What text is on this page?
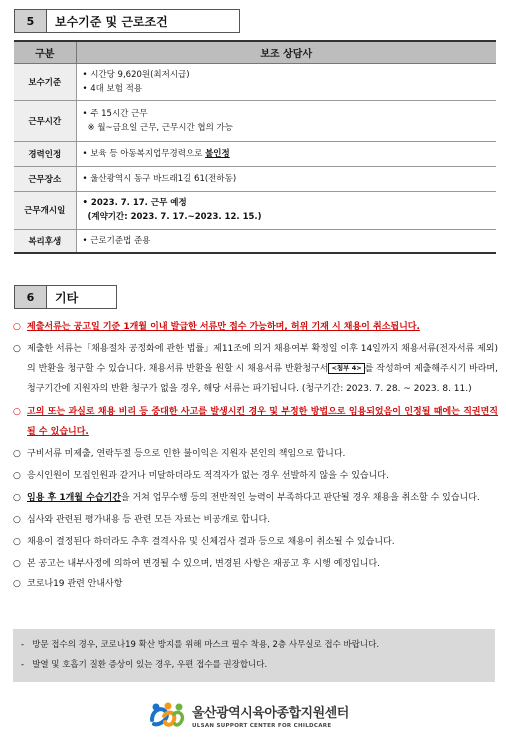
5	보수기준 및 근로조건
구분	보조 상담사
보수기준	• 시간당 9,620원(최저시급)
• 4대 보험 적용

근무시간	• 주 15시간 근무
※ 월~금요일 근무, 근무시간 협의 가능

경력인정	• 보육 등 아동복지업무경력으로 불인정
근무장소	• 울산광역시 동구 바드래1길 61(전하동)

근무개시일	• 2023. 7. 17. 근무 예정
(계약기간: 2023. 7. 17.~2023. 12. 15.)

복리후생	• 근로기준법 준용
6	기타
○ 제출서류는 공고일 기준 1개월 이내 발급한 서류만 접수 가능하며, 허위 기재 시 채용이 취소됩니다.
○ 제출한 서류는「채용절차 공정화에 관한 법률」제11조에 의거 채용여부 확정일 이후 14일까지 채용서류(전자서류 제외)의 반환을 청구할 수 있습니다. 채용서류 반환을 원할 시 채용서류 반환청구서 <첨부 4> 를 작성하여 제출해주시기 바라며, 청구기간에 지원자의 반환 청구가 없을 경우, 해당 서류는 파기됩니다. (청구기간: 2023. 7. 28. ~ 2023. 8. 11.)
○ 고의 또는 과실로 채용 비리 등 중대한 사고를 발생시킨 경우 및 부정한 방법으로 임용되었음이 인정될 때에는 직권면직 될 수 있습니다.
○ 구비서류 미제출, 연락두절 등으로 인한 불이익은 지원자 본인의 책임으로 합니다.
○ 응시인원이 모집인원과 같거나 미달하더라도 적격자가 없는 경우 선발하지 않을 수 있습니다.
○ 임용 후 1개월 수습기간을 거쳐 업무수행 등의 전반적인 능력이 부족하다고 판단될 경우 채용을 취소할 수 있습니다.
○ 심사와 관련된 평가내용 등 관련 모든 자료는 비공개로 합니다.
○ 채용이 결정된다 하더라도 추후 결격사유 및 신체검사 결과 등으로 채용이 취소될 수 있습니다.
○ 본 공고는 내부사정에 의하여 변경될 수 있으며, 변경된 사항은 재공고 후 시행 예정입니다.
○ 코로나19 관련 안내사항
- 방문 접수의 경우, 코로나19 확산 방지를 위해 마스크 필수 착용, 2층 사무실로 접수 바랍니다.
- 발열 및 호흡기 질환 증상이 있는 경우, 우편 접수를 권장합니다.
울산광역시육아종합지원센터
ULSAN SUPPORT CENTER FOR CHILDCARE
